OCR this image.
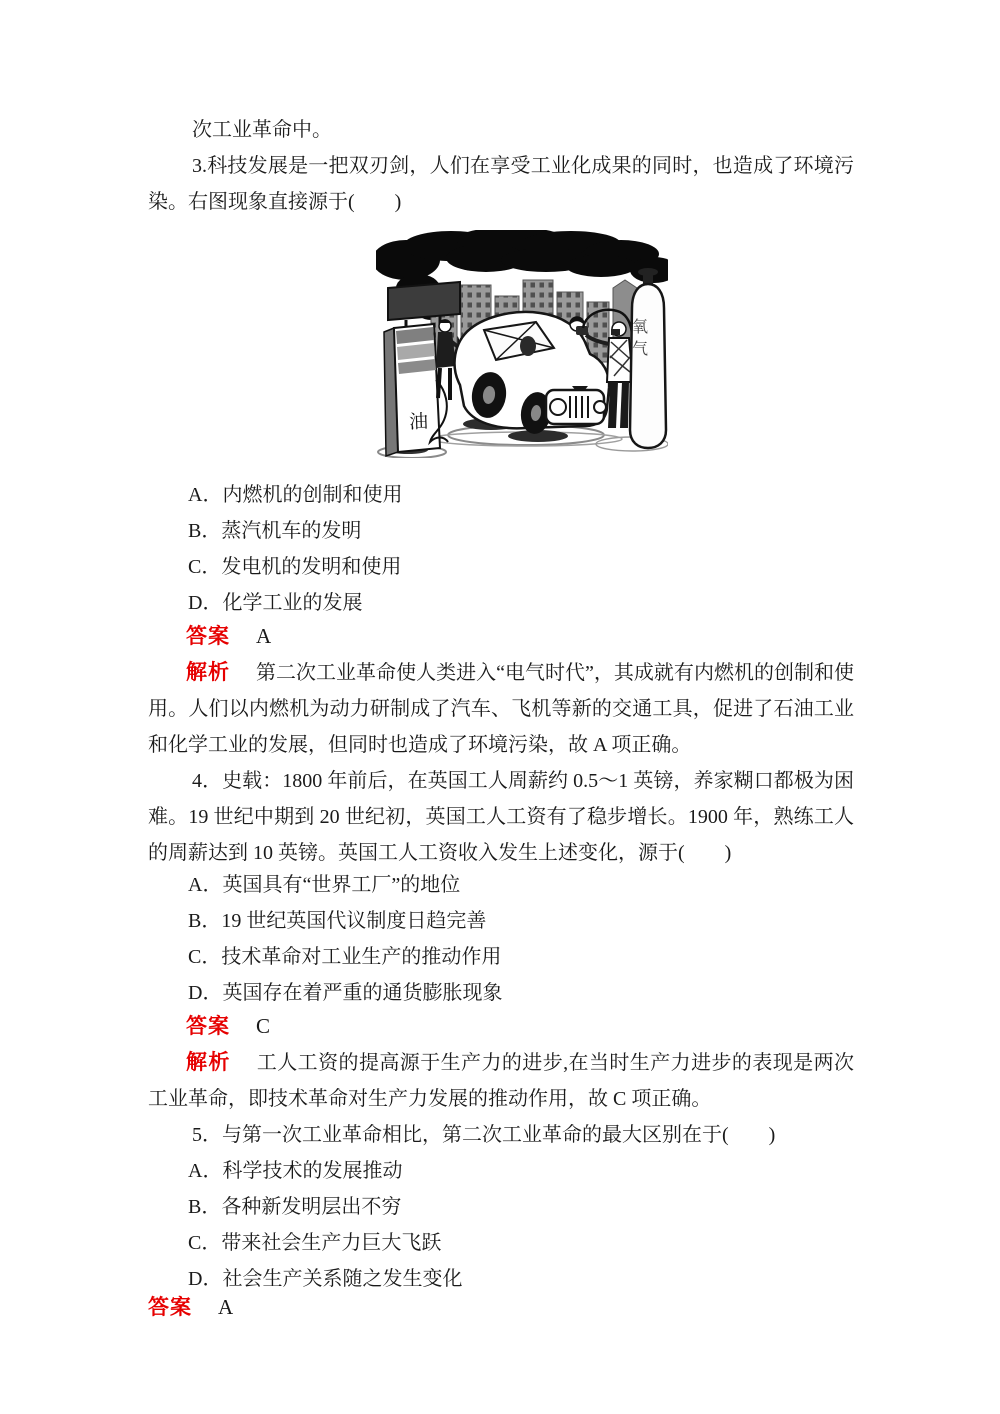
次工业革命中。

3.科技发展是一把双刃剑，人们在享受工业化成果的同时，也造成了环境污染。右图现象直接源于(　　)

油
氧气
A．内燃机的创制和使用
B．蒸汽机车的发明
C．发电机的发明和使用
D．化学工业的发展
答案 A

解析 第二次工业革命使人类进入“电气时代”，其成就有内燃机的创制和使用。人们以内燃机为动力研制成了汽车、飞机等新的交通工具，促进了石油工业和化学工业的发展，但同时也造成了环境污染，故 A 项正确。

4．史载：1800 年前后，在英国工人周薪约 0.5～1 英镑，养家糊口都极为困难。19 世纪中期到 20 世纪初，英国工人工资有了稳步增长。1900 年，熟练工人的周薪达到 10 英镑。英国工人工资收入发生上述变化，源于(　　)

A．英国具有“世界工厂”的地位
B．19 世纪英国代议制度日趋完善
C．技术革命对工业生产的推动作用
D．英国存在着严重的通货膨胀现象
答案 C

解析 工人工资的提高源于生产力的进步,在当时生产力进步的表现是两次工业革命，即技术革命对生产力发展的推动作用，故 C 项正确。

5．与第一次工业革命相比，第二次工业革命的最大区别在于(　　)

A．科学技术的发展推动
B．各种新发明层出不穷
C．带来社会生产力巨大飞跃
D．社会生产关系随之发生变化
答案 A
